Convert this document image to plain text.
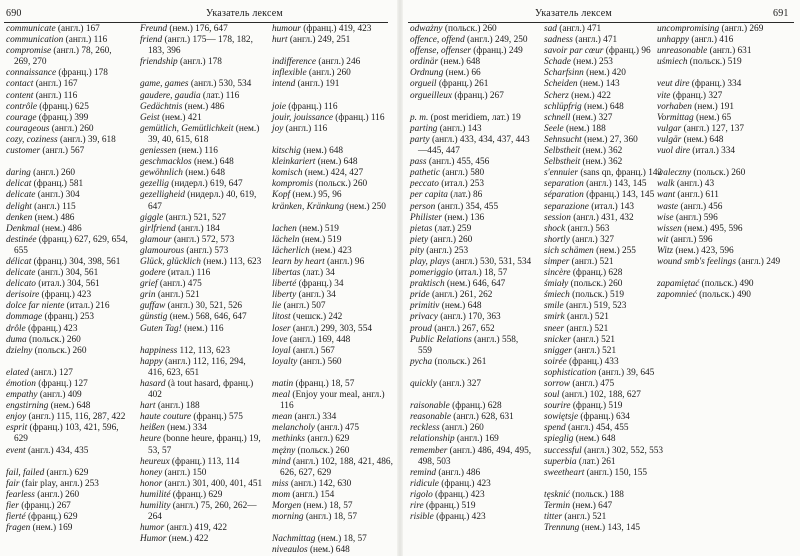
690	Указатель лексем
communicate (англ.) 167
communication (англ.) 116
compromise (англ.) 78, 260, 269, 270
connaissance (франц.) 178
contact (англ.) 167
content (англ.) 116
contrôle (франц.) 625
courage (франц.) 399
courageous (англ.) 260
cozy, coziness (англ.) 39, 618
customer (англ.) 567
daring (англ.) 260
delicat (франц.) 581
delicate (англ.) 304
delight (англ.) 115
denken (нем.) 486
Denkmal (нем.) 486
destinée (франц.) 627, 629, 654, 655
délicat (франц.) 304, 398, 561
delicate (англ.) 304, 561
delicato (итал.) 304, 561
derisoire (франц.) 423
dolce far niente (итал.) 216
dommage (франц.) 253
drôle (франц.) 423
duma (польск.) 260
dzielny (польск.) 260
elated (англ.) 127
émotion (франц.) 127
empathy (англ.) 409
engstirning (нем.) 648
enjoy (англ.) 115, 116, 287, 422
esprit (франц.) 103, 421, 596, 629
event (англ.) 434, 435
fail, failed (англ.) 629
fair (fair play, англ.) 253
fearless (англ.) 260
fier (франц.) 267
fierté (франц.) 629
fragen (нем.) 169
Freund (нем.) 176, 647
friend (англ.) 175— 178, 182, 183, 396
friendship (англ.) 178
game, games (англ.) 530, 534
gaudere, gaudia (лат.) 116
Gedächtnis (нем.) 486
Geist (нем.) 421
gemütlich, Gemütlichkeit (нем.) 39, 40, 615, 618
geniessen (нем.) 116
geschmacklos (нем.) 648
gewöhnlich (нем.) 648
gezellig (нидерл.) 619, 647
gezelligheid (нидерл.) 40, 619, 647
giggle (англ.) 521, 527
girlfriend (англ.) 184
glamour (англ.) 572, 573
glamourous (англ.) 573
Glück, glücklich (нем.) 113, 623
godere (итал.) 116
grief (англ.) 475
grin (англ.) 521
guffaw (англ.) 30, 521, 526
günstig (нем.) 568, 646, 647
Guten Tag! (нем.) 116
happiness 112, 113, 623
happy (англ.) 112, 116, 294, 416, 623, 651
hasard (à tout hasard, франц.) 402
hart (англ.) 188
haute couture (франц.) 575
heißen (нем.) 334
heure (bonne heure, франц.) 19, 53, 57
heureux (франц.) 113, 114
honey (англ.) 150
honor (англ.) 301, 400, 401, 451
humilité (франц.) 629
humility (англ.) 75, 260, 262—264
humor (англ.) 419, 422
Humor (нем.) 422
humour (франц.) 419, 423
hurt (англ.) 249, 251
indifference (англ.) 246
inflexible (англ.) 260
intend (англ.) 191
joie (франц.) 116
jouir, jouissance (франц.) 116
joy (англ.) 116
kitschig (нем.) 648
kleinkariert (нем.) 648
komisch (нем.) 424, 427
kompromis (польск.) 260
Kopf (нем.) 95, 96
kränken, Kränkung (нем.) 250
lachen (нем.) 519
lächeln (нем.) 519
lächerlich (нем.) 423
learn by heart (англ.) 96
libertas (лат.) 34
liberté (франц.) 34
liberty (англ.) 34
lie (англ.) 507
litost (чешск.) 242
loser (англ.) 299, 303, 554
love (англ.) 169, 448
loyal (англ.) 567
loyalty (англ.) 560
matin (франц.) 18, 57
meal (Enjoy your meal, англ.) 116
mean (англ.) 334
melancholy (англ.) 475
methinks (англ.) 629
mężny (польск.) 260
mind (англ.) 102, 188, 421, 486, 626, 627, 629
miss (англ.) 142, 630
mom (англ.) 154
Morgen (нем.) 18, 57
morning (англ.) 18, 57
Nachmittag (нем.) 18, 57
niveaulos (нем.) 648
Указатель лексем	691
odważny (польск.) 260
offence, offend (англ.) 249, 250
offense, offenser (франц.) 249
ordinär (нем.) 648
Ordnung (нем.) 66
orgueil (франц.) 261
orgueilleux (франц.) 267
p. m. (post meridiem, лат.) 19
parting (англ.) 143
party (англ.) 433, 434, 437, 443—445, 447
pass (англ.) 455, 456
pathetic (англ.) 580
peccato (итал.) 253
per capita (лат.) 86
person (англ.) 354, 455
Philister (нем.) 136
pietas (лат.) 259
piety (англ.) 260
pity (англ.) 253
play, plays (англ.) 530, 531, 534
pomeriggio (итал.) 18, 57
praktisch (нем.) 646, 647
pride (англ.) 261, 262
primitiv (нем.) 648
privacy (англ.) 170, 363
proud (англ.) 267, 652
Public Relations (англ.) 558, 559
pycha (польск.) 261
quickly (англ.) 327
raisonable (франц.) 628
reasonable (англ.) 628, 631
reckless (англ.) 260
relationship (англ.) 169
remember (англ.) 486, 494, 495, 498, 503
remind (англ.) 486
ridicule (франц.) 423
rigolo (франц.) 423
rire (франц.) 519
risible (франц.) 423
sad (англ.) 471
sadness (англ.) 471
savoir par cœur (франц.) 96
Schade (нем.) 253
Scharfsinn (нем.) 420
Scheiden (нем.) 143
Scherz (нем.) 422
schlüpfrig (нем.) 648
schnell (нем.) 327
Seele (нем.) 188
Sehnsucht (нем.) 27, 360
Selbstheit (нем.) 362
Selbstheit (нем.) 362
s'ennuier (sans qn, франц.) 142
separation (англ.) 143, 145
séparation (франц.) 143, 145
separazione (итал.) 143
session (англ.) 431, 432
shock (англ.) 563
shortly (англ.) 327
sich schämen (нем.) 255
simper (англ.) 521
sincère (франц.) 628
śmiały (польск.) 260
śmiech (польск.) 519
smile (англ.) 519, 523
smirk (англ.) 521
sneer (англ.) 521
snicker (англ.) 521
snigger (англ.) 521
soirée (франц.) 433
sophistication (англ.) 39, 645
sorrow (англ.) 475
soul (англ.) 102, 188, 627
sourire (франц.) 519
sowiętsje (франц.) 634
spend (англ.) 454, 455
spieglig (нем.) 648
successful (англ.) 302, 552, 553
superbia (лат.) 261
sweetheart (англ.) 150, 155
tęsknić (польск.) 188
Termin (нем.) 647
titter (англ.) 521
Trennung (нем.) 143, 145
uncompromising (англ.) 269
unhappy (англ.) 416
unreasonable (англ.) 631
uśmiech (польск.) 519
veut dire (франц.) 334
vite (франц.) 327
vorhaben (нем.) 191
Vormittag (нем.) 65
vulgar (англ.) 127, 137
vulgär (нем.) 648
vuol dire (итал.) 334
waleczny (польск.) 260
walk (англ.) 43
want (англ.) 611
waste (англ.) 456
wise (англ.) 596
wissen (нем.) 495, 596
wit (англ.) 596
Witz (нем.) 423, 596
wound smb's feelings (англ.) 249
zapamiętać (польск.) 490
zapomnieć (польск.) 490
